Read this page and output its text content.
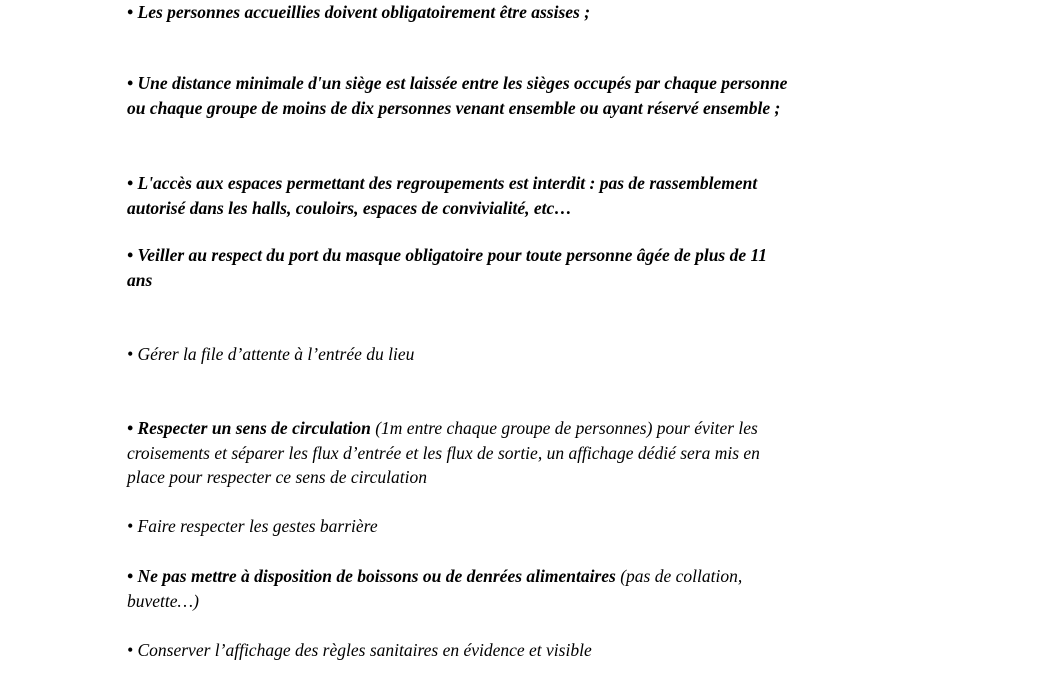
• Les personnes accueillies doivent obligatoirement être assises ;

• Une distance minimale d'un siège est laissée entre les sièges occupés par chaque personne
ou chaque groupe de moins de dix personnes venant ensemble ou ayant réservé ensemble ;

• L'accès aux espaces permettant des regroupements est interdit : pas de rassemblement
autorisé dans les halls, couloirs, espaces de convivialité, etc…

• Veiller au respect du port du masque obligatoire pour toute personne âgée de plus de 11
ans

• Gérer la file d’attente à l’entrée du lieu

• Respecter un sens de circulation (1m entre chaque groupe de personnes) pour éviter les
croisements et séparer les flux d’entrée et les flux de sortie, un affichage dédié sera mis en
place pour respecter ce sens de circulation

• Faire respecter les gestes barrière

• Ne pas mettre à disposition de boissons ou de denrées alimentaires (pas de collation,
buvette…)

• Conserver l’affichage des règles sanitaires en évidence et visible
